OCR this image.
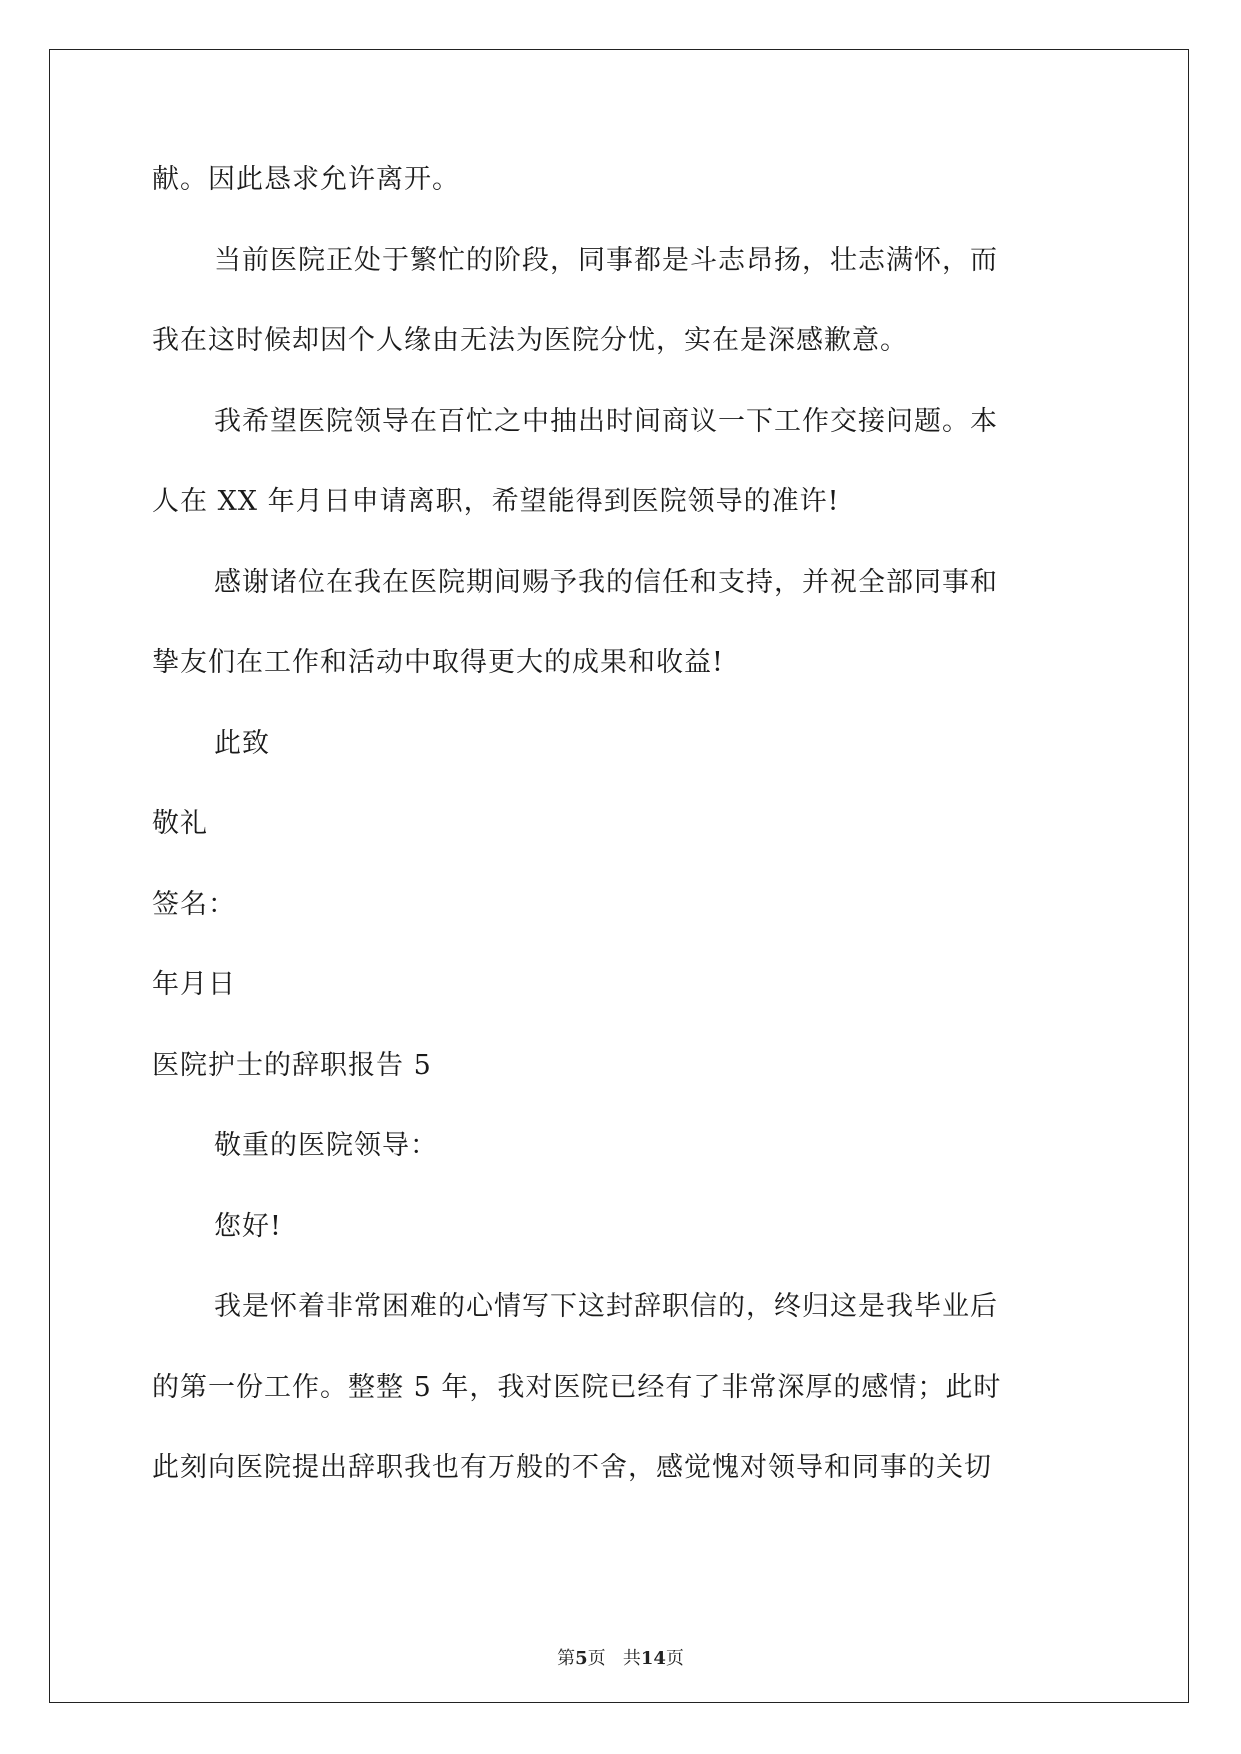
献。因此恳求允许离开。
当前医院正处于繁忙的阶段，同事都是斗志昂扬，壮志满怀，而
我在这时候却因个人缘由无法为医院分忧，实在是深感歉意。
我希望医院领导在百忙之中抽出时间商议一下工作交接问题。本
人在 XX 年月日申请离职，希望能得到医院领导的准许!
感谢诸位在我在医院期间赐予我的信任和支持，并祝全部同事和
挚友们在工作和活动中取得更大的成果和收益!
此致
敬礼
签名：
年月日
医院护士的辞职报告 5
敬重的医院领导：
您好!
我是怀着非常困难的心情写下这封辞职信的，终归这是我毕业后
的第一份工作。整整 5 年，我对医院已经有了非常深厚的感情；此时
此刻向医院提出辞职我也有万般的不舍，感觉愧对领导和同事的关切
第5页 共14页
